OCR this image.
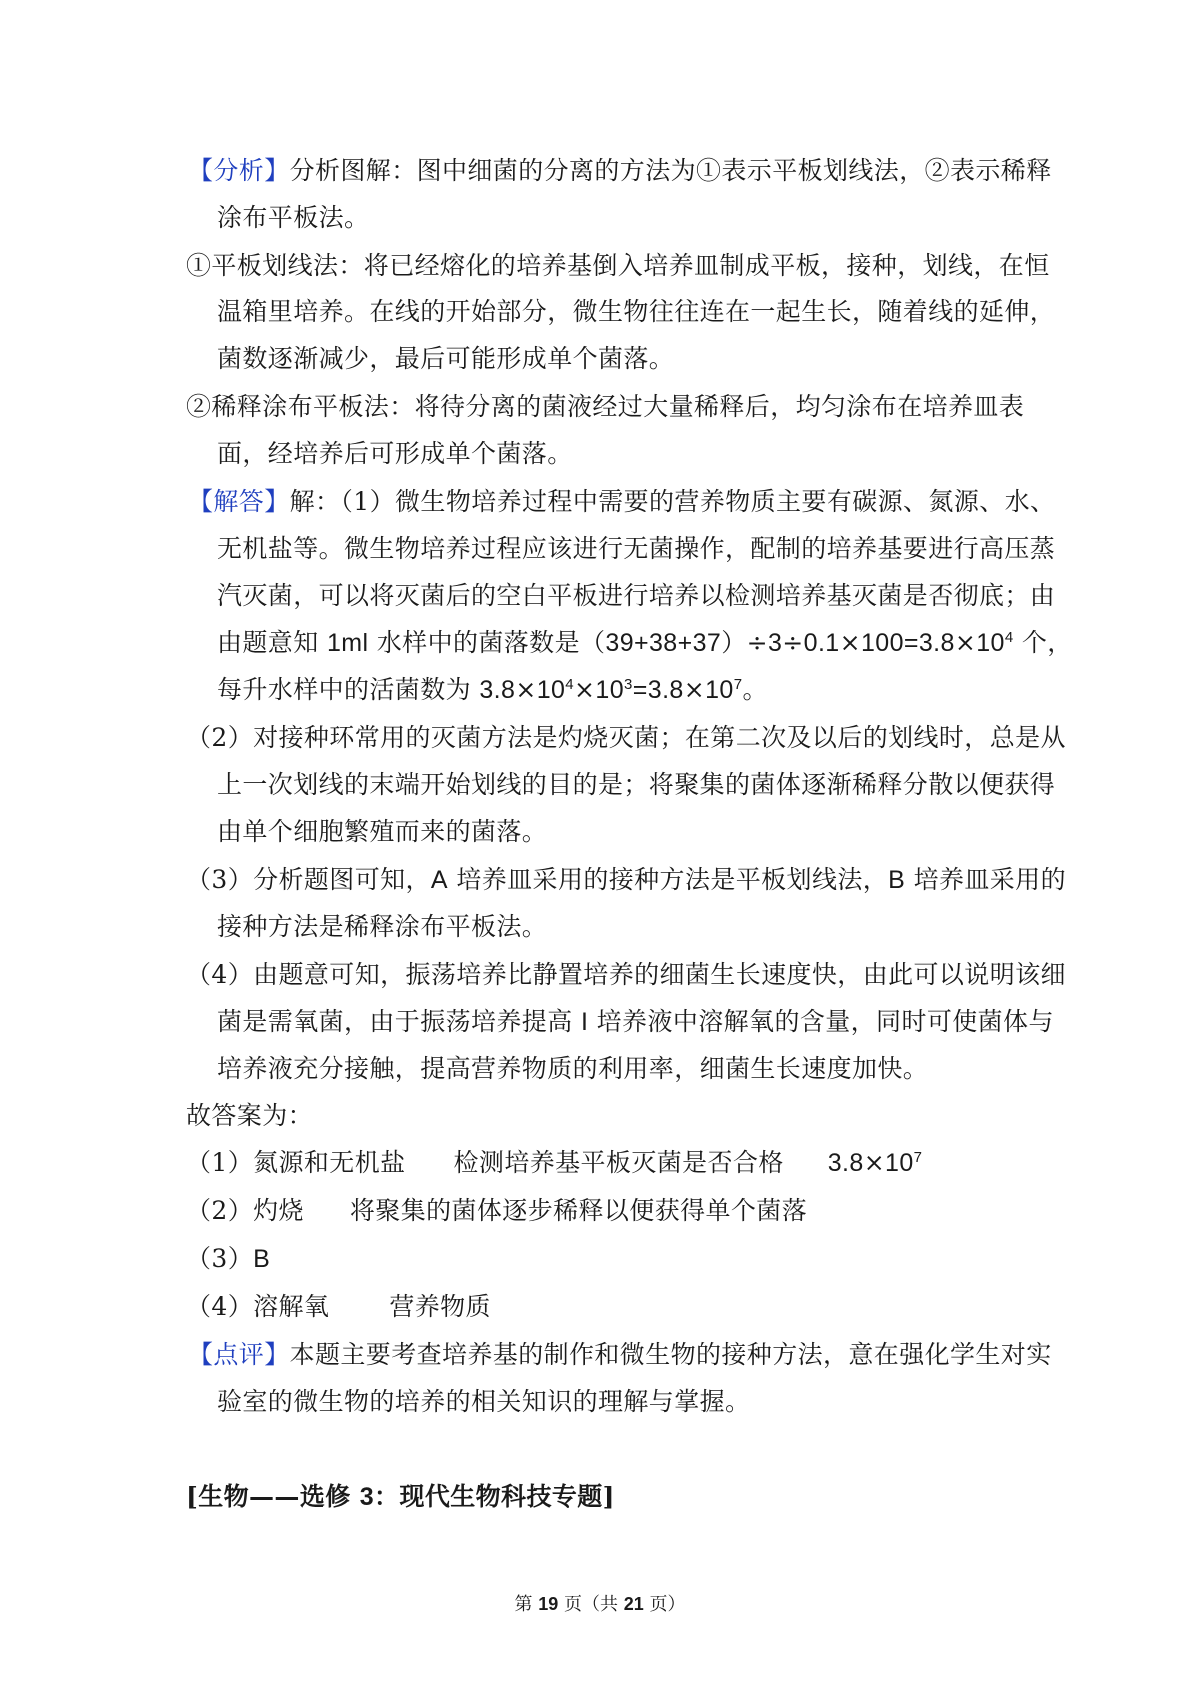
【分析】分析图解：图中细菌的分离的方法为①表示平板划线法，②表示稀释
涂布平板法。
①平板划线法：将已经熔化的培养基倒入培养皿制成平板，接种，划线，在恒
温箱里培养。在线的开始部分，微生物往往连在一起生长，随着线的延伸，
菌数逐渐减少，最后可能形成单个菌落。
②稀释涂布平板法：将待分离的菌液经过大量稀释后，均匀涂布在培养皿表
面，经培养后可形成单个菌落。
【解答】解：（1）微生物培养过程中需要的营养物质主要有碳源、氮源、水、
无机盐等。微生物培养过程应该进行无菌操作，配制的培养基要进行高压蒸
汽灭菌，可以将灭菌后的空白平板进行培养以检测培养基灭菌是否彻底；由
由题意知 1ml 水样中的菌落数是$(39+38+37)\div 3\div 0.1\times 100=3.8\times 10^4$ 个，
每升水样中的活菌数为 $3.8\times 10^4\times 10^3=3.8\times 10^7$。
（2）对接种环常用的灭菌方法是灼烧灭菌；在第二次及以后的划线时，总是从
上一次划线的末端开始划线的目的是；将聚集的菌体逐渐稀释分散以便获得
由单个细胞繁殖而来的菌落。
（3）分析题图可知，A 培养皿采用的接种方法是平板划线法，B 培养皿采用的
接种方法是稀释涂布平板法。
（4）由题意可知，振荡培养比静置培养的细菌生长速度快，由此可以说明该细
菌是需氧菌，由于振荡培养提高 I 培养液中溶解氧的含量，同时可使菌体与
培养液充分接触，提高营养物质的利用率，细菌生长速度加快。
故答案为：
（1）氮源和无机盐 检测培养基平板灭菌是否合格 $3.8\times 10^7$
（2）灼烧 将聚集的菌体逐步稀释以便获得单个菌落
（3）B
（4）溶解氧 营养物质
【点评】本题主要考查培养基的制作和微生物的接种方法，意在强化学生对实
验室的微生物的培养的相关知识的理解与掌握。
[生物——选修 3：现代生物科技专题]
第 19 页（共 21 页）
